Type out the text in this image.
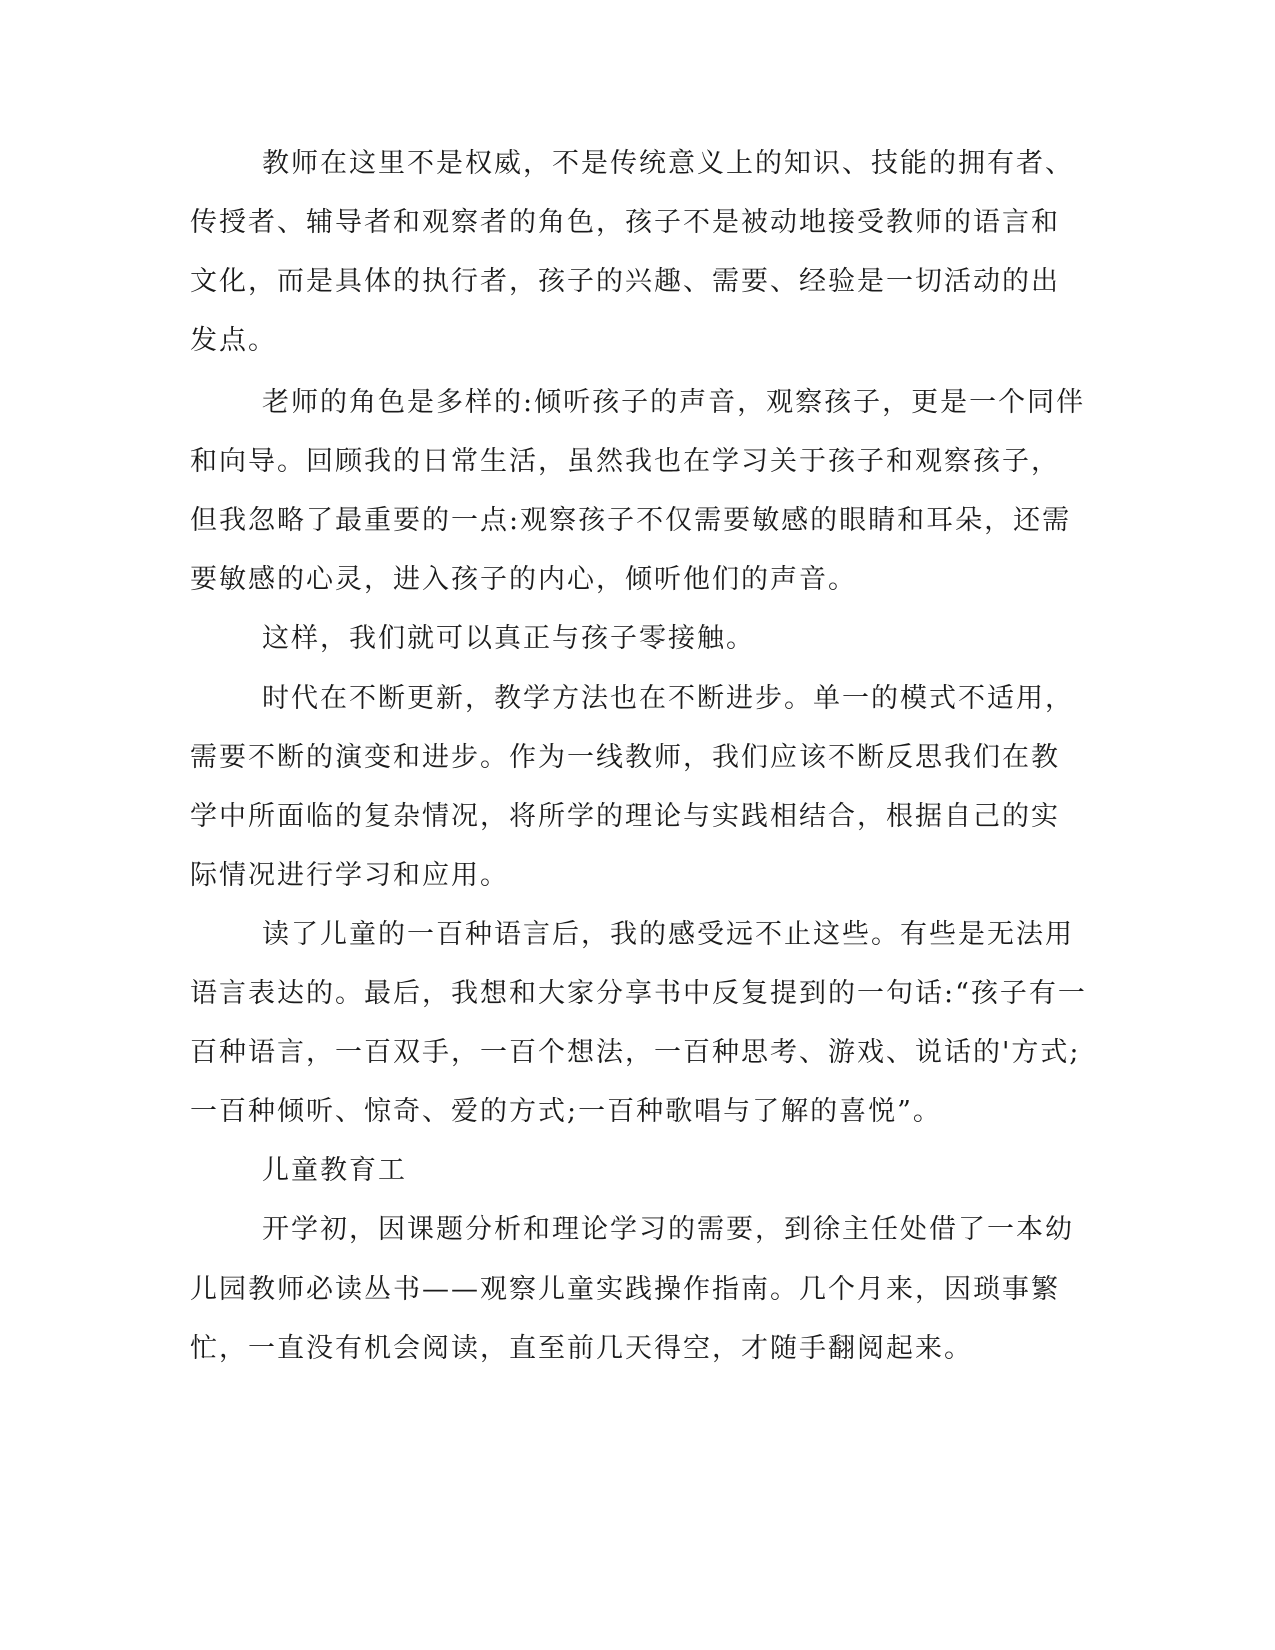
教师在这里不是权威，不是传统意义上的知识、技能的拥有者、

传授者、辅导者和观察者的角色，孩子不是被动地接受教师的语言和

文化，而是具体的执行者，孩子的兴趣、需要、经验是一切活动的出

发点。

老师的角色是多样的:倾听孩子的声音，观察孩子，更是一个同伴

和向导。回顾我的日常生活，虽然我也在学习关于孩子和观察孩子，

但我忽略了最重要的一点:观察孩子不仅需要敏感的眼睛和耳朵，还需

要敏感的心灵，进入孩子的内心，倾听他们的声音。

这样，我们就可以真正与孩子零接触。

时代在不断更新，教学方法也在不断进步。单一的模式不适用，

需要不断的演变和进步。作为一线教师，我们应该不断反思我们在教

学中所面临的复杂情况，将所学的理论与实践相结合，根据自己的实

际情况进行学习和应用。

读了儿童的一百种语言后，我的感受远不止这些。有些是无法用

语言表达的。最后，我想和大家分享书中反复提到的一句话:“孩子有一

百种语言，一百双手，一百个想法，一百种思考、游戏、说话的'方式;

一百种倾听、惊奇、爱的方式;一百种歌唱与了解的喜悦”。

儿童教育工

开学初，因课题分析和理论学习的需要，到徐主任处借了一本幼

儿园教师必读丛书——观察儿童实践操作指南。几个月来，因琐事繁

忙，一直没有机会阅读，直至前几天得空，才随手翻阅起来。
